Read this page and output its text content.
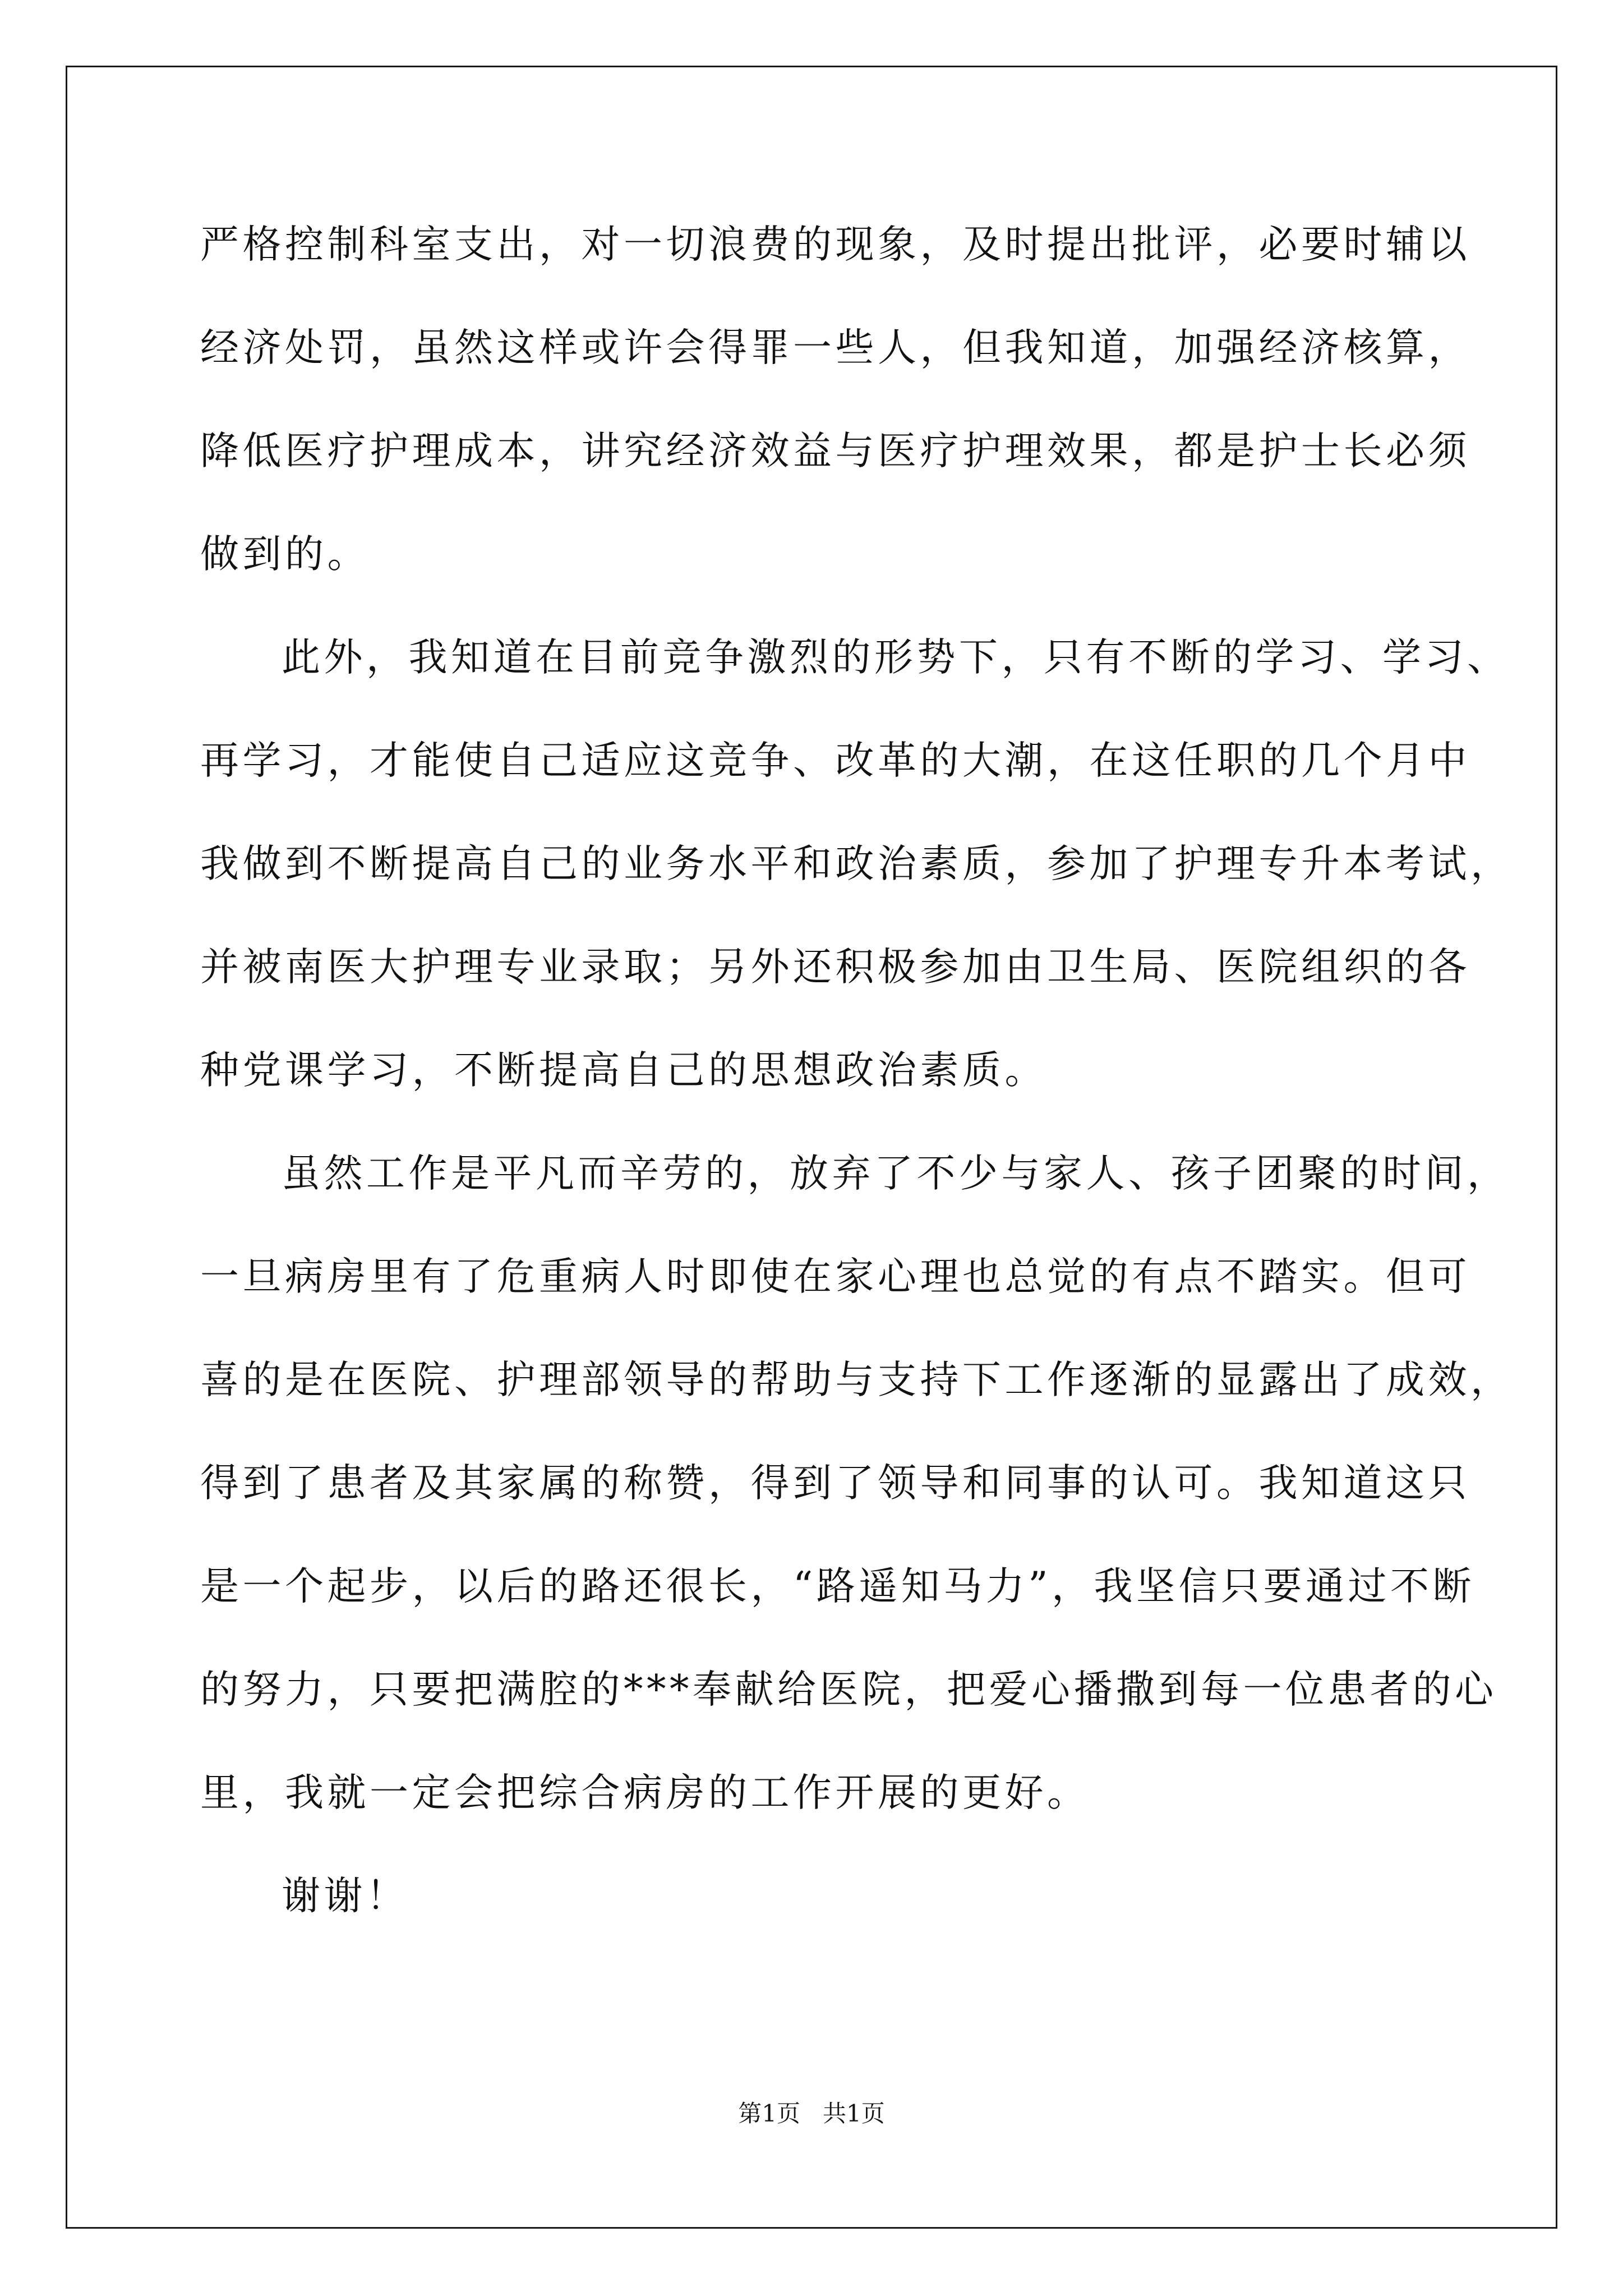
严格控制科室支出，对一切浪费的现象，及时提出批评，必要时辅以
经济处罚，虽然这样或许会得罪一些人，但我知道，加强经济核算，
降低医疗护理成本，讲究经济效益与医疗护理效果，都是护士长必须
做到的。
此外，我知道在目前竞争激烈的形势下，只有不断的学习、学习、
再学习，才能使自己适应这竞争、改革的大潮，在这任职的几个月中
我做到不断提高自己的业务水平和政治素质，参加了护理专升本考试，
并被南医大护理专业录取；另外还积极参加由卫生局、医院组织的各
种党课学习，不断提高自己的思想政治素质。
虽然工作是平凡而辛劳的，放弃了不少与家人、孩子团聚的时间，
一旦病房里有了危重病人时即使在家心理也总觉的有点不踏实。但可
喜的是在医院、护理部领导的帮助与支持下工作逐渐的显露出了成效，
得到了患者及其家属的称赞，得到了领导和同事的认可。我知道这只
是一个起步，以后的路还很长，“路遥知马力”，我坚信只要通过不断
的努力，只要把满腔的***奉献给医院，把爱心播撒到每一位患者的心
里，我就一定会把综合病房的工作开展的更好。
谢谢！
第1页   共1页
